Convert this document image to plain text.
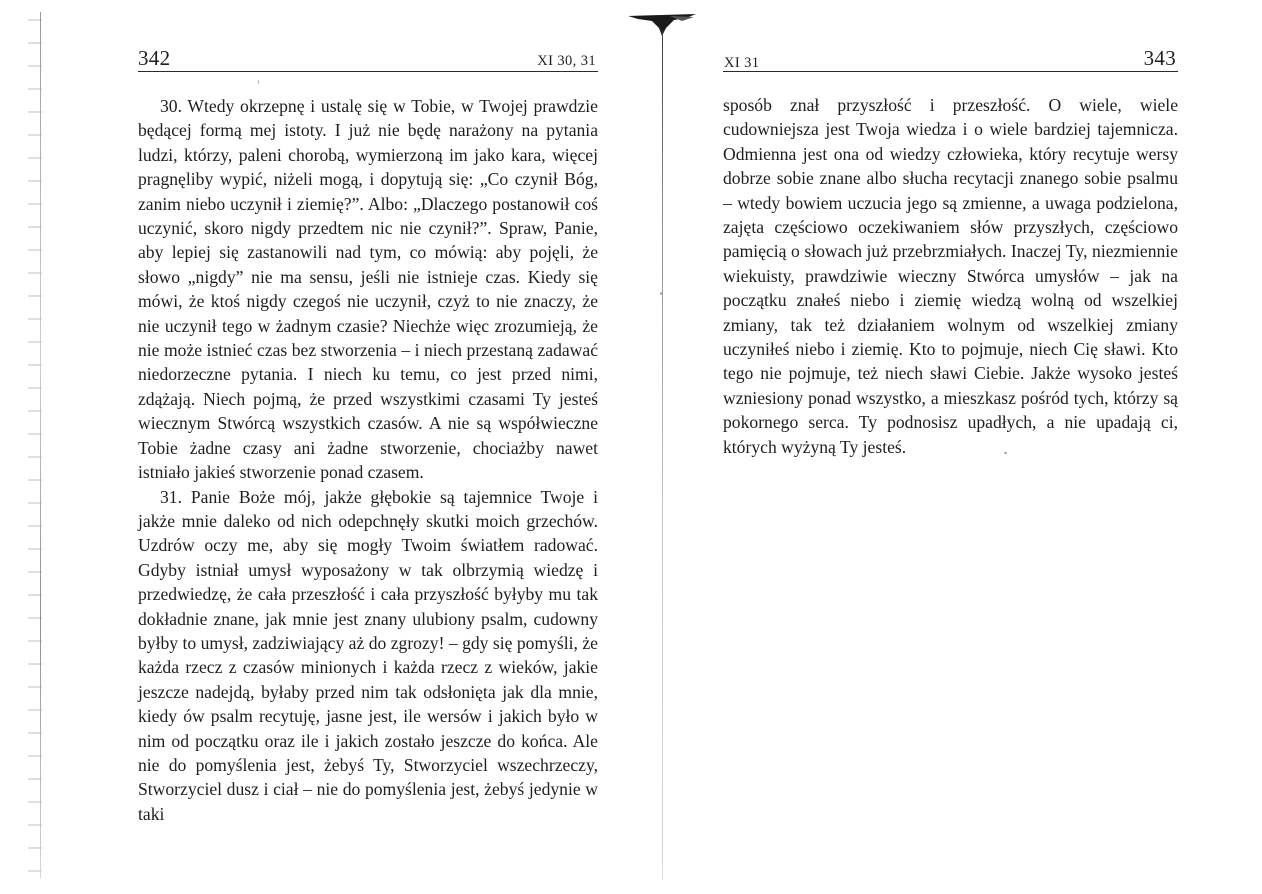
342	XI 30, 31

30. Wtedy okrzepnę i ustalę się w Tobie, w Twojej prawdzie będącej formą mej istoty. I już nie będę narażony na pytania ludzi, którzy, paleni chorobą, wymierzoną im jako kara, więcej pragnęliby wypić, niżeli mogą, i dopytują się: „Co czynił Bóg, zanim niebo uczynił i ziemię?”. Albo: „Dlaczego postanowił coś uczynić, skoro nigdy przedtem nic nie czynił?”. Spraw, Panie, aby lepiej się zastanowili nad tym, co mówią: aby pojęli, że słowo „nigdy” nie ma sensu, jeśli nie istnieje czas. Kiedy się mówi, że ktoś nigdy czegoś nie uczynił, czyż to nie znaczy, że nie uczynił tego w żadnym czasie? Niechże więc zrozumieją, że nie może istnieć czas bez stworzenia – i niech przestaną zadawać niedorzeczne pytania. I niech ku temu, co jest przed nimi, zdążają. Niech pojmą, że przed wszystkimi czasami Ty jesteś wiecznym Stwórcą wszystkich czasów. A nie są współwieczne Tobie żadne czasy ani żadne stworzenie, chociażby nawet istniało jakieś stworzenie ponad czasem.

31. Panie Boże mój, jakże głębokie są tajemnice Twoje i jakże mnie daleko od nich odepchnęły skutki moich grzechów. Uzdrów oczy me, aby się mogły Twoim światłem radować. Gdyby istniał umysł wyposażony w tak olbrzymią wiedzę i przedwiedzę, że cała przeszłość i cała przyszłość byłyby mu tak dokładnie znane, jak mnie jest znany ulubiony psalm, cudowny byłby to umysł, zadziwiający aż do zgrozy! – gdy się pomyśli, że każda rzecz z czasów minionych i każda rzecz z wieków, jakie jeszcze nadejdą, byłaby przed nim tak odsłonięta jak dla mnie, kiedy ów psalm recytuję, jasne jest, ile wersów i jakich było w nim od początku oraz ile i jakich zostało jeszcze do końca. Ale nie do pomyślenia jest, żebyś Ty, Stworzyciel wszechrzeczy, Stworzyciel dusz i ciał – nie do pomyślenia jest, żebyś jedynie w taki

XI 31	343

sposób znał przyszłość i przeszłość. O wiele, wiele cudowniejsza jest Twoja wiedza i o wiele bardziej tajemnicza. Odmienna jest ona od wiedzy człowieka, który recytuje wersy dobrze sobie znane albo słucha recytacji znanego sobie psalmu – wtedy bowiem uczucia jego są zmienne, a uwaga podzielona, zajęta częściowo oczekiwaniem słów przyszłych, częściowo pamięcią o słowach już przebrzmiałych. Inaczej Ty, niezmiennie wiekuisty, prawdziwie wieczny Stwórca umysłów – jak na początku znałeś niebo i ziemię wiedzą wolną od wszelkiej zmiany, tak też działaniem wolnym od wszelkiej zmiany uczyniłeś niebo i ziemię. Kto to pojmuje, niech Cię sławi. Kto tego nie pojmuje, też niech sławi Ciebie. Jakże wysoko jesteś wzniesiony ponad wszystko, a mieszkasz pośród tych, którzy są pokornego serca. Ty podnosisz upadłych, a nie upadają ci, których wyżyną Ty jesteś.
